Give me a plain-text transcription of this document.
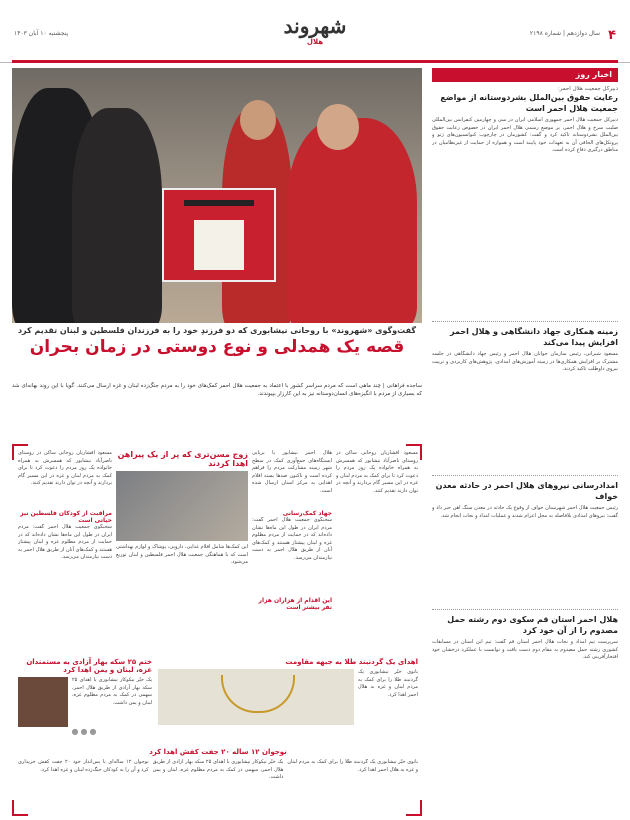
۴
سال دوازدهم | شماره ۲۱۹۸
پنجشنبه ۱۰ آبان ۱۴۰۳	شهروند
هلال
گفت‌وگوی «شهروند» با روحانی نیشابوری که دو فرزندِ خود را به فرزندان فلسطین و لبنان تقدیم کرد
قصه یک همدلی و نوع دوستی در زمان بحران
ساجده فراهانی | چند ماهی است که مردم سراسر کشور با اعتماد به جمعیت هلال احمر کمک‌های خود را به مردم جنگ‌زده لبنان و غزه ارسال می‌کنند. گویا با این روند بهانه‌ای شد که بسیاری از مردم با انگیزه‌های انسان‌دوستانه نیز به این کارزار بپیوندند.
مسعود افشاریان روحانی ساکن در روستای ناصرآباد نیشابور که همسرش به همراه خانواده یک روز مردم را دعوت کرد تا برای کمک به مردم لبنان و غزه در این مسیر گام بردارند و آنچه در توان دارند تقدیم کنند.
هلال احمر نیشابور با برپایی ایستگاه‌های جمع‌آوری کمک در سطح شهر زمینه مشارکت مردم را فراهم کرده است و تاکنون صدها بسته اقلام اهدایی به مرکز استان ارسال شده است.
جهاد کمک‌رسانی
سخنگوی جمعیت هلال احمر گفت: مردم ایران در طول این ماه‌ها نشان داده‌اند که در حمایت از مردم مظلوم غزه و لبنان پیشتاز هستند و کمک‌های آنان از طریق هلال احمر به دست نیازمندان می‌رسد.
این اقدام از هزاران هزار نفر بیشتر است
زوج مسن‌تری که پر از یک پیراهن اهدا کردند
این کمک‌ها شامل اقلام غذایی، دارویی، پوشاک و لوازم بهداشتی است که با هماهنگی جمعیت هلال احمر فلسطین و لبنان توزیع می‌شود.
مسعود افشاریان روحانی ساکن در روستای ناصرآباد نیشابور که همسرش به همراه خانواده یک روز مردم را دعوت کرد تا برای کمک به مردم لبنان و غزه در این مسیر گام بردارند و آنچه در توان دارند تقدیم کنند.
مراقبت از کودکان فلسطین نیز حیاتی است
سخنگوی جمعیت هلال احمر گفت: مردم ایران در طول این ماه‌ها نشان داده‌اند که در حمایت از مردم مظلوم غزه و لبنان پیشتاز هستند و کمک‌های آنان از طریق هلال احمر به دست نیازمندان می‌رسد.
ختم ۲۵ سکه بهار آزادی به مستمندان غزه، لبنان و یمن اهدا کرد
یک خیّر نیکوکار نیشابوری با اهدای ۲۵ سکه بهار آزادی از طریق هلال احمر، سهمی در کمک به مردم مظلوم غزه، لبنان و یمن داشت.
●●●
اهدای یک گردنبند طلا به جبهه مقاومت
بانوی خیّر نیشابوری یک گردنبند طلا را برای کمک به مردم لبنان و غزه به هلال احمر اهدا کرد.
نوجوان ۱۲ ساله ۲۰ جفت کفش اهدا کرد
نوجوان ۱۲ ساله‌ای با پس‌انداز خود ۲۰ جفت کفش خریداری کرد و آن را به کودکان جنگ‌زده لبنان و غزه اهدا کرد.
یک خیّر نیکوکار نیشابوری با اهدای ۲۵ سکه بهار آزادی از طریق هلال احمر، سهمی در کمک به مردم مظلوم غزه، لبنان و یمن داشت.
بانوی خیّر نیشابوری یک گردنبند طلا را برای کمک به مردم لبنان و غزه به هلال احمر اهدا کرد.
اخبار روز
دبیرکل جمعیت هلال احمر:
رعایت حقوق بین‌الملل بشردوستانه از مواضع جمعیت هلال احمر است
دبیرکل جمعیت هلال احمر جمهوری اسلامی ایران در سی و چهارمین کنفرانس بین‌المللی صلیب سرخ و هلال احمر، بر موضع رسمی هلال احمر ایران در خصوص رعایت حقوق بین‌الملل بشردوستانه تاکید کرد و گفت: کشورمان در چارچوب کنوانسیون‌های ژنو و پروتکل‌های الحاقی آن به تعهدات خود پایبند است و همواره از حمایت از غیرنظامیان در مناطق درگیری دفاع کرده است.
زمینه همکاری جهاد دانشگاهی و هلال احمر افزایش پیدا می‌کند
مسعود شیرانی، رئیس سازمان جوانان هلال احمر و رئیس جهاد دانشگاهی در جلسه مشترک بر افزایش همکاری‌ها در زمینه آموزش‌های امدادی، پژوهش‌های کاربردی و تربیت نیروی داوطلب تاکید کردند.
امدادرسانی نیروهای هلال احمر در حادثه معدن خواف
رئیس جمعیت هلال احمر شهرستان خواف از وقوع یک حادثه در معدن سنگ آهن خبر داد و گفت: نیروهای امدادی بلافاصله به محل اعزام شدند و عملیات امداد و نجات انجام شد.
هلال احمر استان قم سکوی دوم رشته حمل مصدوم را از آن خود کرد
سرپرست تیم امداد و نجات هلال احمر استان قم گفت: تیم این استان در مسابقات کشوری رشته حمل مصدوم به مقام دوم دست یافت و توانست با عملکرد درخشان خود افتخارآفرینی کند.
